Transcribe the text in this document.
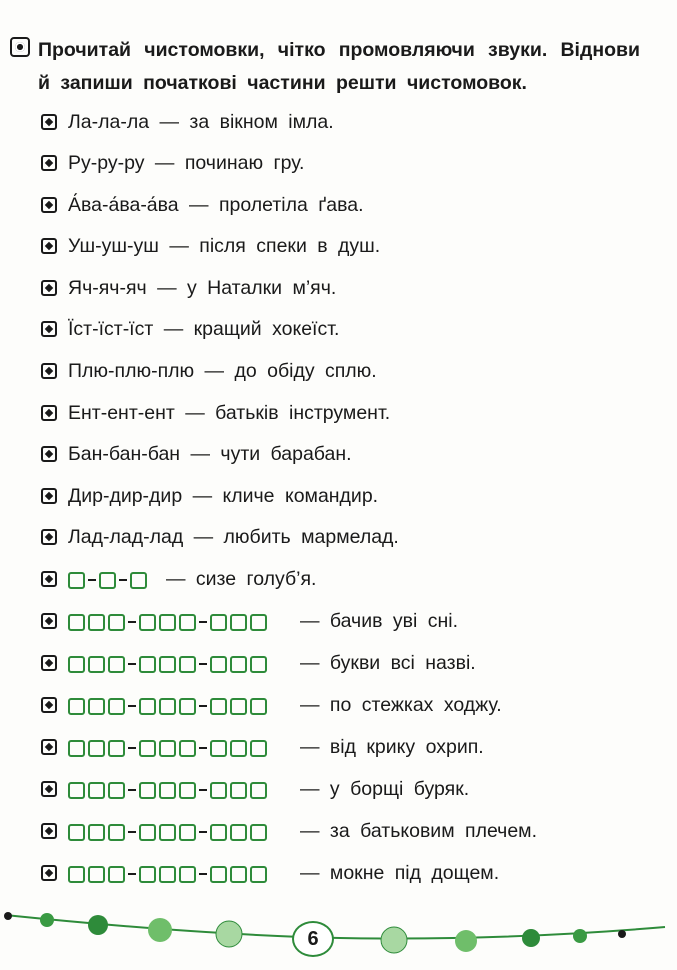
Прочитай чистомовки, чітко промовляючи звуки. Віднови й запиши початкові частини решти чистомовок.
Ла-ла-ла — за вікном імла.
Ру-ру-ру — починаю гру.
А́ва-а́ва-а́ва — пролетіла ґава.
Уш-уш-уш — після спеки в душ.
Яч-яч-яч — у Наталки м’яч.
Їст-їст-їст — кращий хокеїст.
Плю-плю-плю — до обіду сплю.
Ент-ент-ент — батьків інструмент.
Бан-бан-бан — чути барабан.
Дир-дир-дир — кличе командир.
Лад-лад-лад — любить мармелад.
— сизе голуб’я.
— бачив уві сні.
— букви всі назві.
— по стежках ходжу.
— від крику охрип.
— у борщі буряк.
— за батьковим плечем.
— мокне під дощем.
6
